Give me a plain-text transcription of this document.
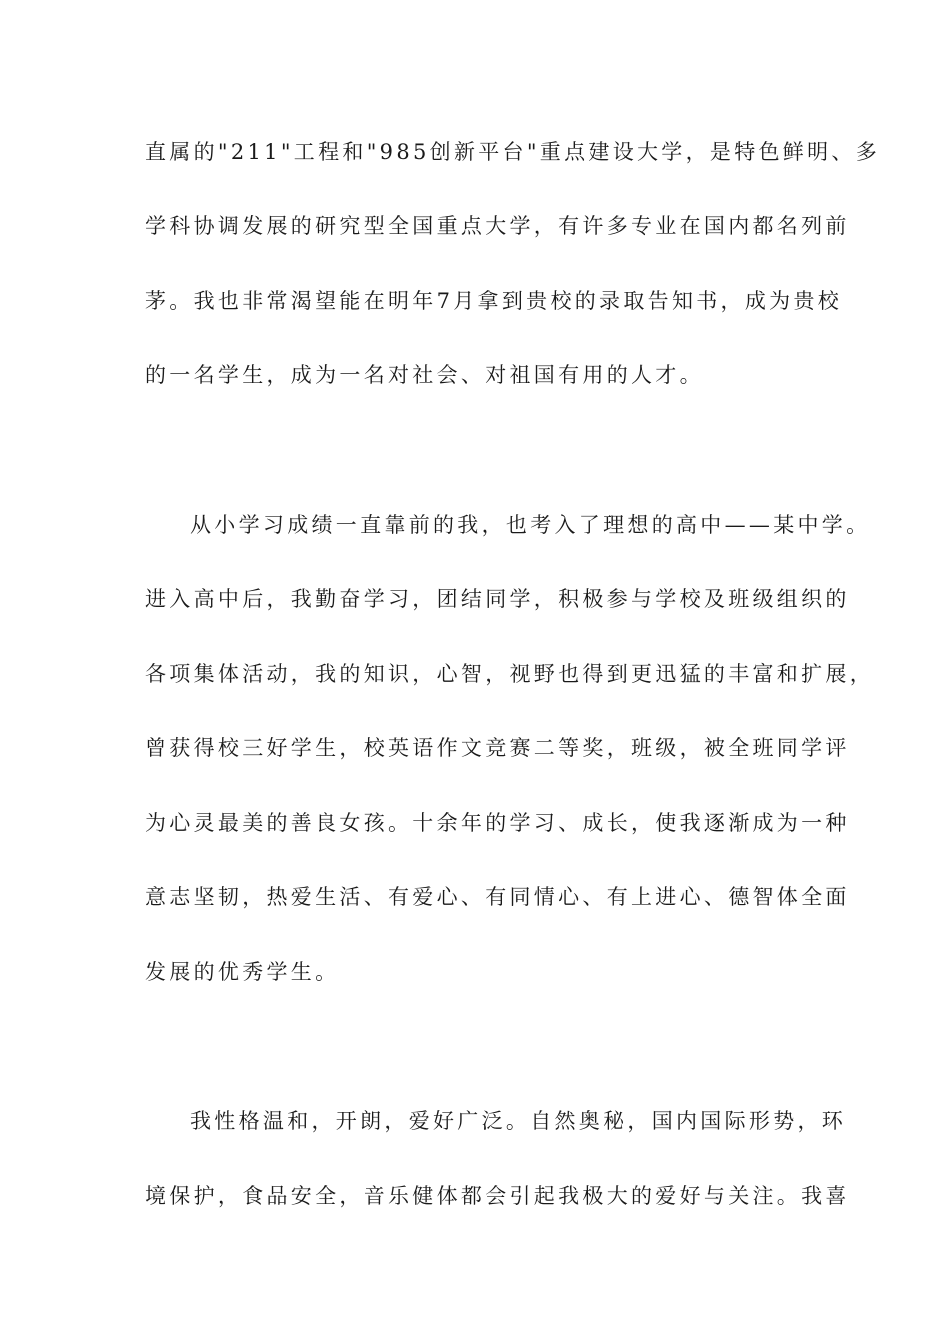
直属的"211"工程和"985创新平台"重点建设大学，是特色鲜明、多
学科协调发展的研究型全国重点大学，有许多专业在国内都名列前
茅。我也非常渴望能在明年7月拿到贵校的录取告知书，成为贵校
的一名学生，成为一名对社会、对祖国有用的人才。
从小学习成绩一直靠前的我，也考入了理想的高中——某中学。
进入高中后，我勤奋学习，团结同学，积极参与学校及班级组织的
各项集体活动，我的知识，心智，视野也得到更迅猛的丰富和扩展，
曾获得校三好学生，校英语作文竞赛二等奖，班级，被全班同学评
为心灵最美的善良女孩。十余年的学习、成长，使我逐渐成为一种
意志坚韧，热爱生活、有爱心、有同情心、有上进心、德智体全面
发展的优秀学生。
我性格温和，开朗，爱好广泛。自然奥秘，国内国际形势，环
境保护，食品安全，音乐健体都会引起我极大的爱好与关注。我喜
